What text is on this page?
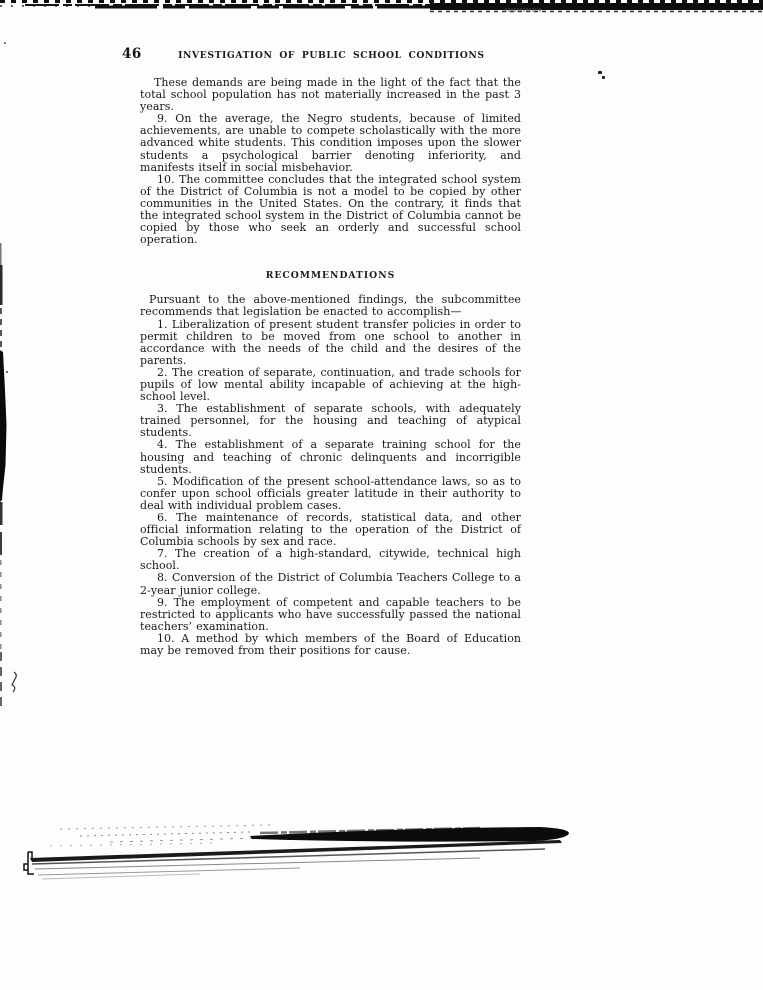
46	INVESTIGATION OF PUBLIC SCHOOL CONDITIONS

These demands are being made in the light of the fact that the total school population has not materially increased in the past 3 years.

9. On the average, the Negro students, because of limited achievements, are unable to compete scholastically with the more advanced white students. This condition imposes upon the slower students a psychological barrier denoting inferiority, and manifests itself in social misbehavior.

10. The committee concludes that the integrated school system of the District of Columbia is not a model to be copied by other communities in the United States. On the contrary, it finds that the integrated school system in the District of Columbia cannot be copied by those who seek an orderly and successful school operation.

RECOMMENDATIONS

Pursuant to the above-mentioned findings, the subcommittee recommends that legislation be enacted to accomplish—

1. Liberalization of present student transfer policies in order to permit children to be moved from one school to another in accordance with the needs of the child and the desires of the parents.

2. The creation of separate, continuation, and trade schools for pupils of low mental ability incapable of achieving at the high-school level.

3. The establishment of separate schools, with adequately trained personnel, for the housing and teaching of atypical students.

4. The establishment of a separate training school for the housing and teaching of chronic delinquents and incorrigible students.

5. Modification of the present school-attendance laws, so as to confer upon school officials greater latitude in their authority to deal with individual problem cases.

6. The maintenance of records, statistical data, and other official information relating to the operation of the District of Columbia schools by sex and race.

7. The creation of a high-standard, citywide, technical high school.

8. Conversion of the District of Columbia Teachers College to a 2-year junior college.

9. The employment of competent and capable teachers to be restricted to applicants who have successfully passed the national teachers’ examination.

10. A method by which members of the Board of Education may be removed from their positions for cause.
